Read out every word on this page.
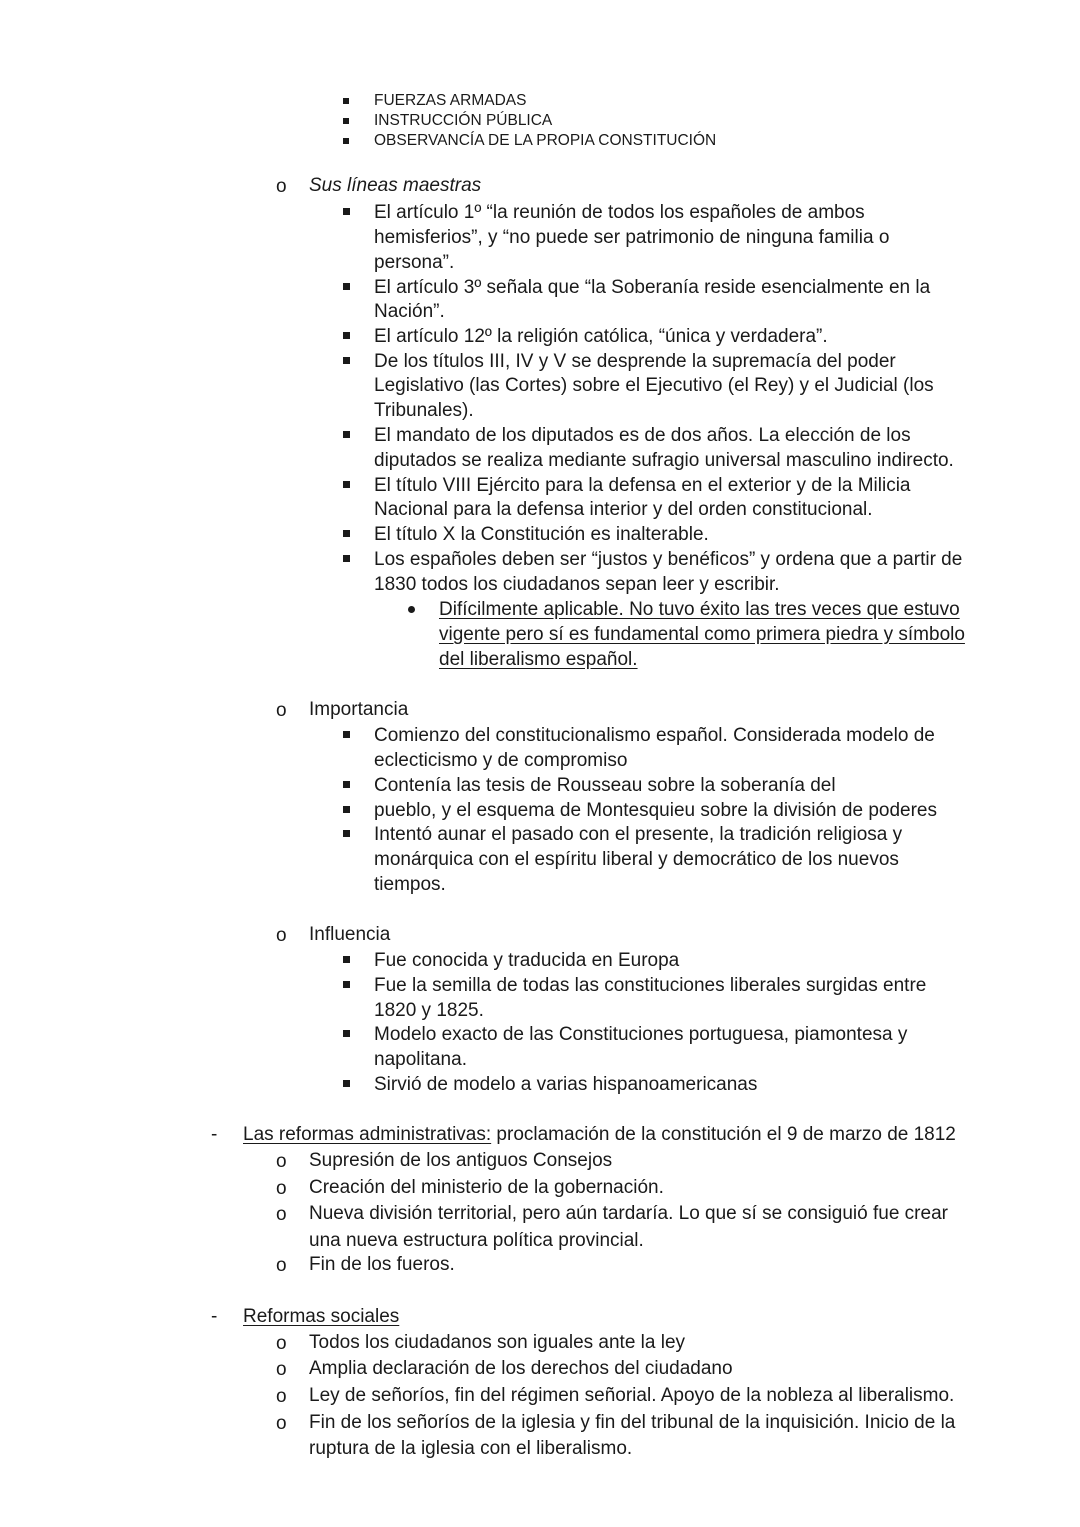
FUERZAS ARMADAS
INSTRUCCIÓN PÚBLICA
OBSERVANCÍA DE LA PROPIA CONSTITUCIÓN
o Sus líneas maestras
El artículo 1º “la reunión de todos los españoles de ambos
hemisferios”, y “no puede ser patrimonio de ninguna familia o
persona”.
El artículo 3º señala que “la Soberanía reside esencialmente en la
Nación”.
El artículo 12º la religión católica, “única y verdadera”.
De los títulos III, IV y V se desprende la supremacía del poder
Legislativo (las Cortes) sobre el Ejecutivo (el Rey) y el Judicial (los
Tribunales).
El mandato de los diputados es de dos años. La elección de los
diputados se realiza mediante sufragio universal masculino indirecto.
El título VIII Ejército para la defensa en el exterior y de la Milicia
Nacional para la defensa interior y del orden constitucional.
El título X la Constitución es inalterable.
Los españoles deben ser “justos y benéficos” y ordena que a partir de
1830 todos los ciudadanos sepan leer y escribir.
Difícilmente aplicable. No tuvo éxito las tres veces que estuvo
vigente pero sí es fundamental como primera piedra y símbolo
del liberalismo español.
o Importancia
Comienzo del constitucionalismo español. Considerada modelo de
eclecticismo y de compromiso
Contenía las tesis de Rousseau sobre la soberanía del
pueblo, y el esquema de Montesquieu sobre la división de poderes
Intentó aunar el pasado con el presente, la tradición religiosa y
monárquica con el espíritu liberal y democrático de los nuevos
tiempos.
o Influencia
Fue conocida y traducida en Europa
Fue la semilla de todas las constituciones liberales surgidas entre
1820 y 1825.
Modelo exacto de las Constituciones portuguesa, piamontesa y
napolitana.
Sirvió de modelo a varias hispanoamericanas
- Las reformas administrativas: proclamación de la constitución el 9 de marzo de 1812
o Supresión de los antiguos Consejos
o Creación del ministerio de la gobernación.
o Nueva división territorial, pero aún tardaría. Lo que sí se consiguió fue crear
una nueva estructura política provincial.
o Fin de los fueros.
- Reformas sociales
o Todos los ciudadanos son iguales ante la ley
o Amplia declaración de los derechos del ciudadano
o Ley de señoríos, fin del régimen señorial. Apoyo de la nobleza al liberalismo.
o Fin de los señoríos de la iglesia y fin del tribunal de la inquisición. Inicio de la
ruptura de la iglesia con el liberalismo.
